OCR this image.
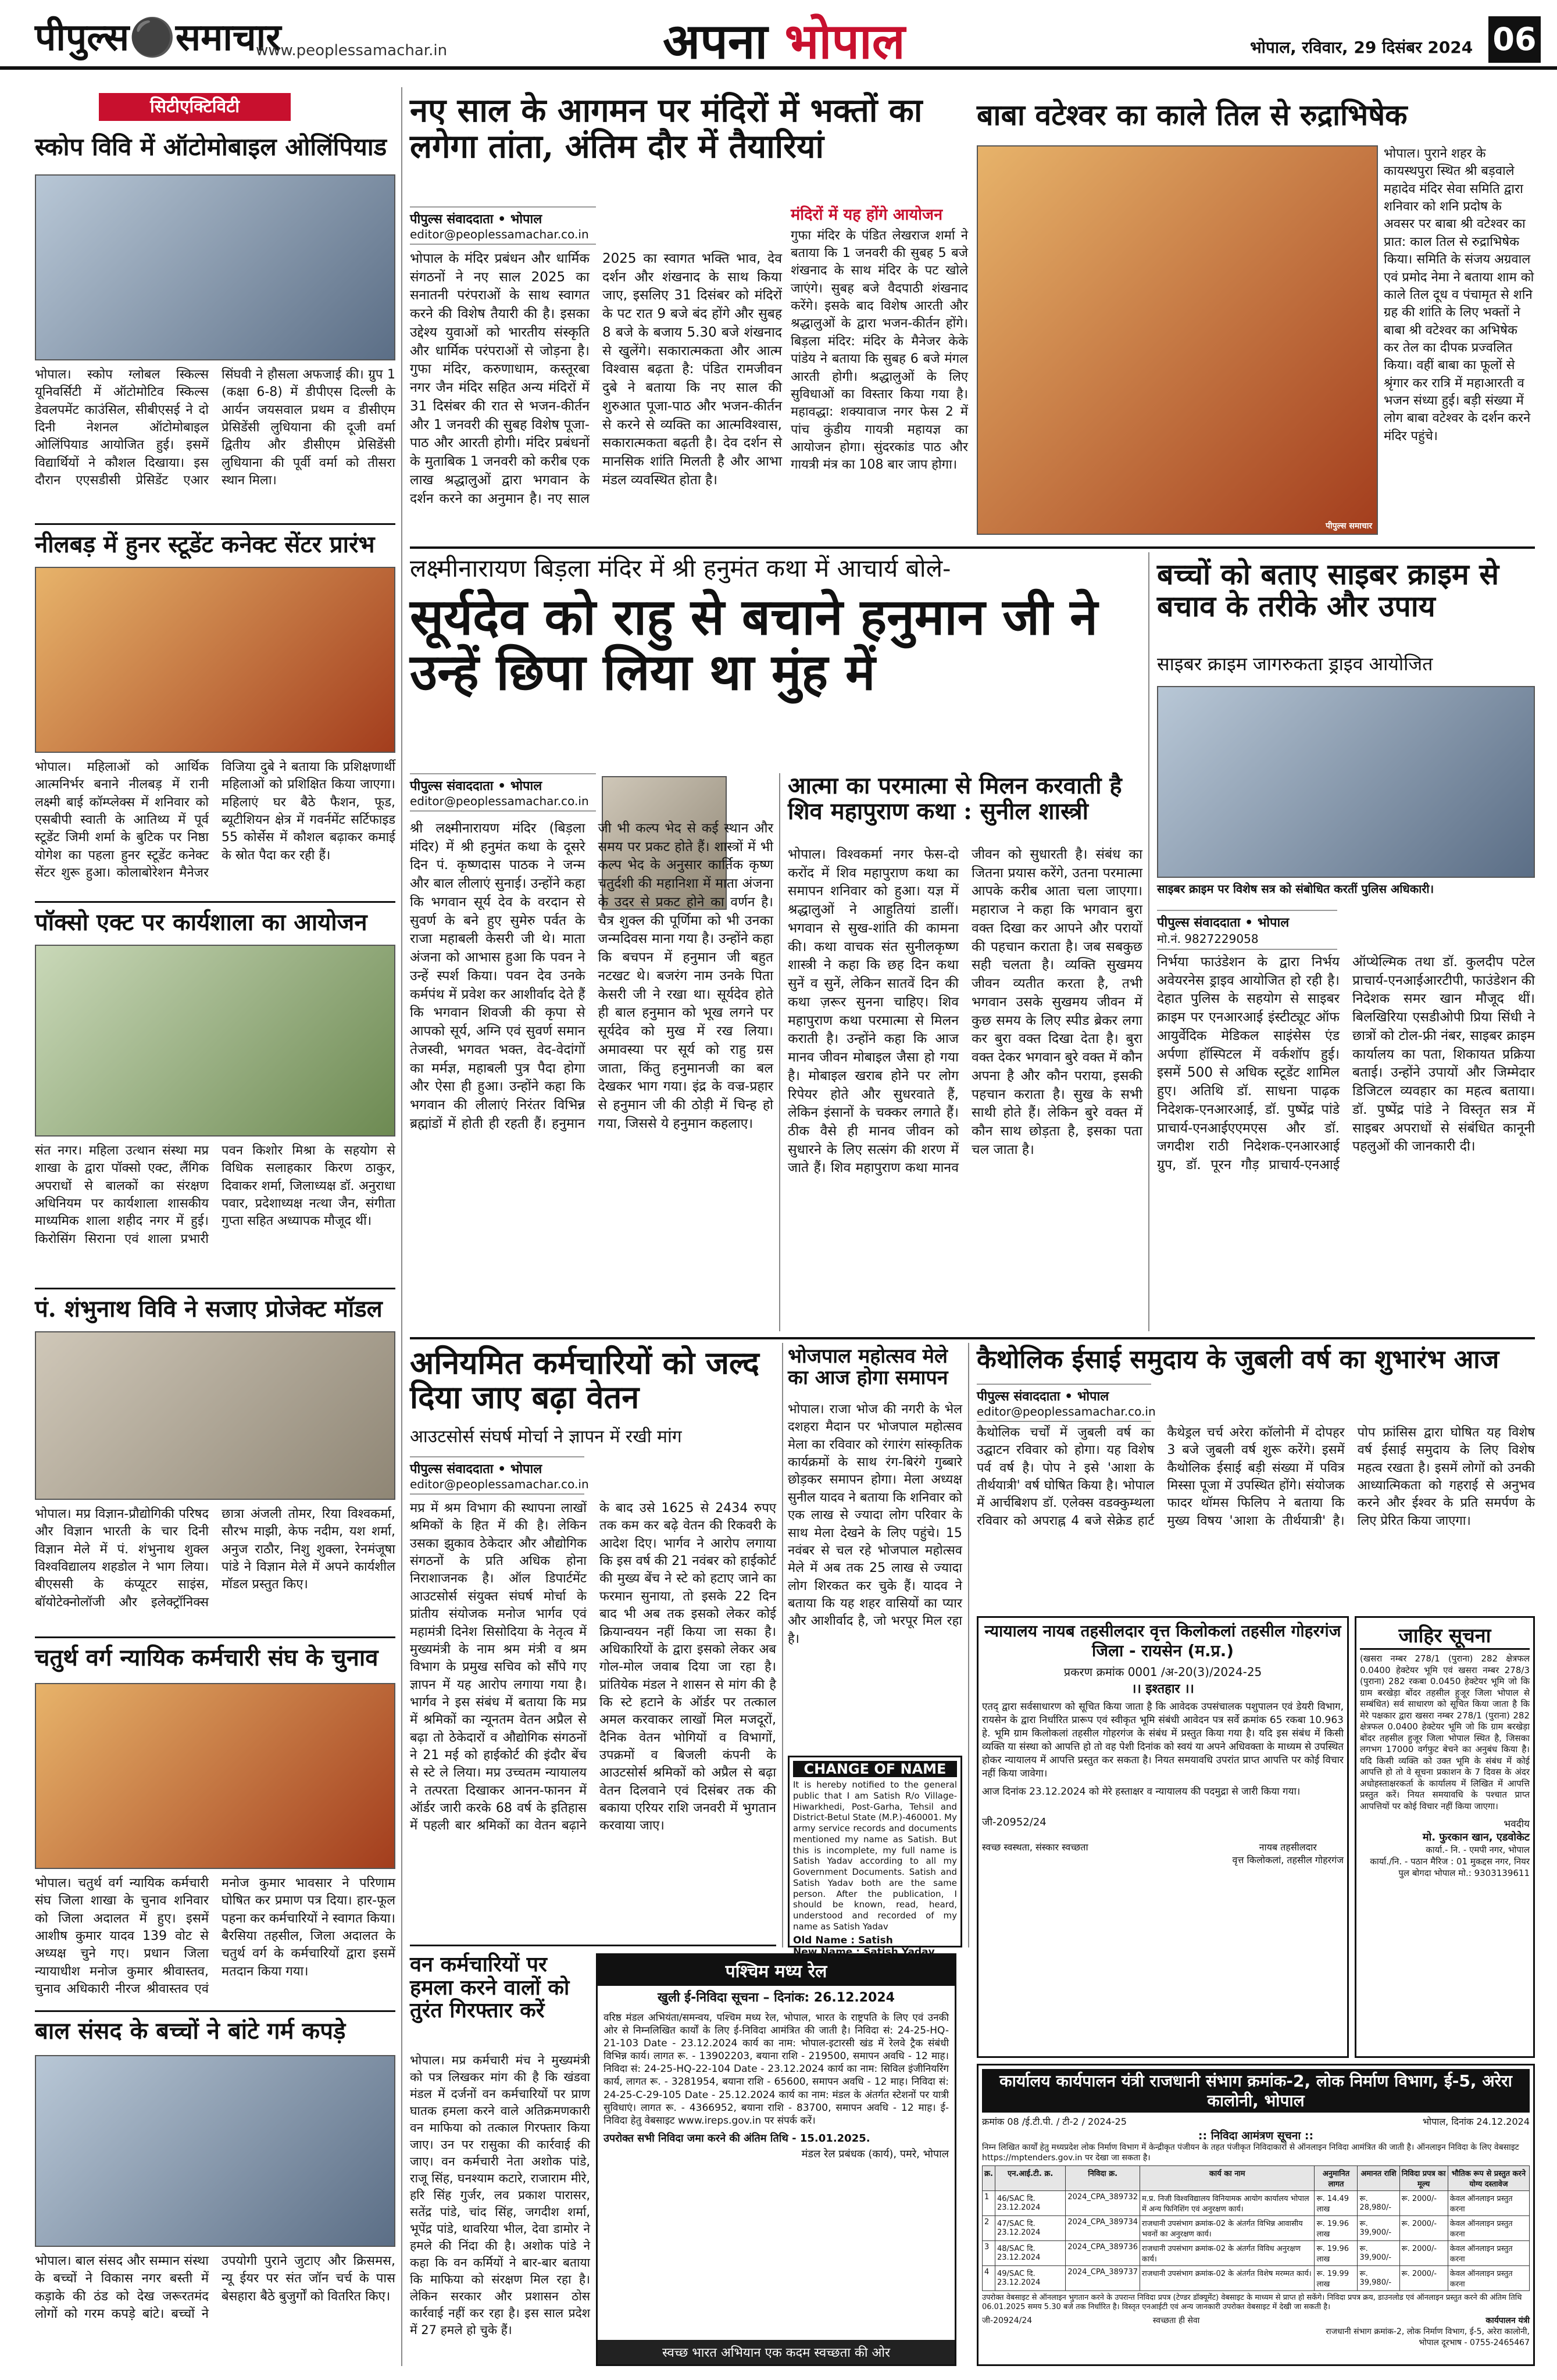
पीपुल्स⚫समाचार
www.peoplessamachar.in	अपना भोपाल	भोपाल, रविवार, 29 दिसंबर 2024 06
सिटीएक्टिविटी
स्कोप विवि में ऑटोमोबाइल ओलिंपियाड
भोपाल। स्कोप ग्लोबल स्किल्स यूनिवर्सिटी में ऑटोमोटिव स्किल्स डेवलपमेंट काउंसिल, सीबीएसई ने दो दिनी नेशनल ऑटोमोबाइल ओलिंपियाड आयोजित हुई। इसमें विद्यार्थियों ने कौशल दिखाया। इस दौरान एएसडीसी प्रेसिडेंट एआर सिंघवी ने हौसला अफजाई की। ग्रुप 1 (कक्षा 6-8) में डीपीएस दिल्ली के आर्यन जयसवाल प्रथम व डीसीएम प्रेसिडेंसी लुधियाना की दूजी वर्मा द्वितीय और डीसीएम प्रेसिडेंसी लुधियाना की पूर्वी वर्मा को तीसरा स्थान मिला।
नीलबड़ में हुनर स्टूडेंट कनेक्ट सेंटर प्रारंभ
भोपाल। महिलाओं को आर्थिक आत्मनिर्भर बनाने नीलबड़ में रानी लक्ष्मी बाई कॉम्प्लेक्स में शनिवार को एसबीपी स्वाती के आतिथ्य में पूर्व स्टूडेंट जिमी शर्मा के बुटिक पर निष्ठा योगेश का पहला हुनर स्टूडेंट कनेक्ट सेंटर शुरू हुआ। कोलाबोरेशन मैनेजर विजिया दुबे ने बताया कि प्रशिक्षणार्थी महिलाओं को प्रशिक्षित किया जाएगा। महिलाएं घर बैठे फैशन, फूड, ब्यूटीशियन क्षेत्र में गवर्नमेंट सर्टिफाइड 55 कोर्सेस में कौशल बढ़ाकर कमाई के स्रोत पैदा कर रही हैं।
पॉक्सो एक्ट पर कार्यशाला का आयोजन
संत नगर। महिला उत्थान संस्था मप्र शाखा के द्वारा पॉक्सो एक्ट, लैंगिक अपराधों से बालकों का संरक्षण अधिनियम पर कार्यशाला शासकीय माध्यमिक शाला शहीद नगर में हुई। किरोसिंग सिराना एवं शाला प्रभारी पवन किशोर मिश्रा के सहयोग से विधिक सलाहकार किरण ठाकुर, दिवाकर शर्मा, जिलाध्यक्ष डॉ. अनुराधा पवार, प्रदेशाध्यक्ष नत्था जैन, संगीता गुप्ता सहित अध्यापक मौजूद थीं।
पं. शंभुनाथ विवि ने सजाए प्रोजेक्ट मॉडल
भोपाल। मप्र विज्ञान-प्रौद्योगिकी परिषद और विज्ञान भारती के चार दिनी विज्ञान मेले में पं. शंभुनाथ शुक्ल विश्वविद्यालय शहडोल ने भाग लिया। बीएससी के कंप्यूटर साइंस, बॉयोटेक्नोलॉजी और इलेक्ट्रॉनिक्स छात्रा अंजली तोमर, रिया विश्वकर्मा, सौरभ माझी, केफ नदीम, यश शर्मा, अनुज राठौर, निशु शुक्ला, रेनमंजूषा पांडे ने विज्ञान मेले में अपने कार्यशील मॉडल प्रस्तुत किए।
चतुर्थ वर्ग न्यायिक कर्मचारी संघ के चुनाव
भोपाल। चतुर्थ वर्ग न्यायिक कर्मचारी संघ जिला शाखा के चुनाव शनिवार को जिला अदालत में हुए। इसमें आशीष कुमार यादव 139 वोट से अध्यक्ष चुने गए। प्रधान जिला न्यायाधीश मनोज कुमार श्रीवास्तव, चुनाव अधिकारी नीरज श्रीवास्तव एवं मनोज कुमार भावसार ने परिणाम घोषित कर प्रमाण पत्र दिया। हार-फूल पहना कर कर्मचारियों ने स्वागत किया। बैरसिया तहसील, जिला अदालत के चतुर्थ वर्ग के कर्मचारियों द्वारा इसमें मतदान किया गया।
बाल संसद के बच्चों ने बांटे गर्म कपड़े
भोपाल। बाल संसद और सम्मान संस्था के बच्चों ने विकास नगर बस्ती में कड़ाके की ठंड को देख जरूरतमंद लोगों को गरम कपड़े बांटे। बच्चों ने उपयोगी पुराने जुटाए और क्रिसमस, न्यू ईयर पर संत जॉन चर्च के पास बेसहारा बैठे बुजुर्गों को वितरित किए।
नए साल के आगमन पर मंदिरों में भक्तों का लगेगा तांता, अंतिम दौर में तैयारियां
पीपुल्स संवाददाता • भोपाल
editor@peoplessamachar.co.in
भोपाल के मंदिर प्रबंधन और धार्मिक संगठनों ने नए साल 2025 का सनातनी परंपराओं के साथ स्वागत करने की विशेष तैयारी की है। इसका उद्देश्य युवाओं को भारतीय संस्कृति और धार्मिक परंपराओं से जोड़ना है। गुफा मंदिर, करुणाधाम, कस्तूरबा नगर जैन मंदिर सहित अन्य मंदिरों में 31 दिसंबर की रात से भजन-कीर्तन और 1 जनवरी की सुबह विशेष पूजा-पाठ और आरती होगी। मंदिर प्रबंधनों के मुताबिक 1 जनवरी को करीब एक लाख श्रद्धालुओं द्वारा भगवान के दर्शन करने का अनुमान है। नए साल 2025 का स्वागत भक्ति भाव, देव दर्शन और शंखनाद के साथ किया जाए, इसलिए 31 दिसंबर को मंदिरों के पट रात 9 बजे बंद होंगे और सुबह 8 बजे के बजाय 5.30 बजे शंखनाद से खुलेंगे। सकारात्मकता और आत्म विश्वास बढ़ता है: पंडित रामजीवन दुबे ने बताया कि नए साल की शुरुआत पूजा-पाठ और भजन-कीर्तन से करने से व्यक्ति का आत्मविश्वास, सकारात्मकता बढ़ती है। देव दर्शन से मानसिक शांति मिलती है और आभा मंडल व्यवस्थित होता है।
मंदिरों में यह होंगे आयोजन
गुफा मंदिर के पंडित लेखराज शर्मा ने बताया कि 1 जनवरी की सुबह 5 बजे शंखनाद के साथ मंदिर के पट खोले जाएंगे। सुबह बजे वैदपाठी शंखनाद करेंगे। इसके बाद विशेष आरती और श्रद्धालुओं के द्वारा भजन-कीर्तन होंगे। बिड़ला मंदिर: मंदिर के मैनेजर केके पांडेय ने बताया कि सुबह 6 बजे मंगल आरती होगी। श्रद्धालुओं के लिए सुविधाओं का विस्तार किया गया है। महावद्धा: शक्यावाज नगर फेस 2 में पांच कुंडीय गायत्री महायज्ञ का आयोजन होगा। सुंदरकांड पाठ और गायत्री मंत्र का 108 बार जाप होगा।
बाबा वटेश्वर का काले तिल से रुद्राभिषेक
पीपुल्स समाचार
भोपाल। पुराने शहर के कायस्थपुरा स्थित श्री बड़वाले महादेव मंदिर सेवा समिति द्वारा शनिवार को शनि प्रदोष के अवसर पर बाबा श्री वटेश्वर का प्रात: काल तिल से रुद्राभिषेक किया। समिति के संजय अग्रवाल एवं प्रमोद नेमा ने बताया शाम को काले तिल दूध व पंचामृत से शनि ग्रह की शांति के लिए भक्तों ने बाबा श्री वटेश्वर का अभिषेक कर तेल का दीपक प्रज्वलित किया। वहीं बाबा का फूलों से श्रृंगार कर रात्रि में महाआरती व भजन संध्या हुई। बड़ी संख्या में लोग बाबा वटेश्वर के दर्शन करने मंदिर पहुंचे।
लक्ष्मीनारायण बिड़ला मंदिर में श्री हनुमंत कथा में आचार्य बोले-
सूर्यदेव को राहु से बचाने हनुमान जी ने उन्हें छिपा लिया था मुंह में
पीपुल्स संवाददाता • भोपाल
editor@peoplessamachar.co.in
श्री लक्ष्मीनारायण मंदिर (बिड़ला मंदिर) में श्री हनुमंत कथा के दूसरे दिन पं. कृष्णदास पाठक ने जन्म और बाल लीलाएं सुनाई। उन्होंने कहा कि भगवान सूर्य देव के वरदान से सुवर्ण के बने हुए सुमेरु पर्वत के राजा महाबली केसरी जी थे। माता अंजना को आभास हुआ कि पवन ने उन्हें स्पर्श किया। पवन देव उनके कर्मपंथ में प्रवेश कर आशीर्वाद देते हैं कि भगवान शिवजी की कृपा से आपको सूर्य, अग्नि एवं सुवर्ण समान तेजस्वी, भगवत भक्त, वेद-वेदांगों का मर्मज्ञ, महाबली पुत्र पैदा होगा और ऐसा ही हुआ। उन्होंने कहा कि भगवान की लीलाएं निरंतर विभिन्न ब्रह्मांडों में होती ही रहती हैं। हनुमान जी भी कल्प भेद से कई स्थान और समय पर प्रकट होते हैं। शास्त्रों में भी कल्प भेद के अनुसार कार्तिक कृष्ण चतुर्दशी की महानिशा में माता अंजना के उदर से प्रकट होने का वर्णन है। चैत्र शुक्ल की पूर्णिमा को भी उनका जन्मदिवस माना गया है। उन्होंने कहा कि बचपन में हनुमान जी बहुत नटखट थे। बजरंग नाम उनके पिता केसरी जी ने रखा था। सूर्यदेव होते ही बाल हनुमान को भूख लगने पर सूर्यदेव को मुख में रख लिया। अमावस्या पर सूर्य को राहु ग्रस जाता, किंतु हनुमानजी का बल देखकर भाग गया। इंद्र के वज्र-प्रहार से हनुमान जी की ठोड़ी में चिन्ह हो गया, जिससे ये हनुमान कहलाए।
आत्मा का परमात्मा से मिलन करवाती है शिव महापुराण कथा : सुनील शास्त्री
भोपाल। विश्वकर्मा नगर फेस-दो करोंद में शिव महापुराण कथा का समापन शनिवार को हुआ। यज्ञ में श्रद्धालुओं ने आहुतियां डालीं। भगवान से सुख-शांति की कामना की। कथा वाचक संत सुनीलकृष्ण शास्त्री ने कहा कि छह दिन कथा सुनें व सुनें, लेकिन सातवें दिन की कथा ज़रूर सुनना चाहिए। शिव महापुराण कथा परमात्मा से मिलन कराती है। उन्होंने कहा कि आज मानव जीवन मोबाइल जैसा हो गया है। मोबाइल खराब होने पर लोग रिपेयर होते और सुधरवाते हैं, लेकिन इंसानों के चक्कर लगाते हैं। ठीक वैसे ही मानव जीवन को सुधारने के लिए सत्संग की शरण में जाते हैं। शिव महापुराण कथा मानव जीवन को सुधारती है। संबंध का जितना प्रयास करेंगे, उतना परमात्मा आपके करीब आता चला जाएगा। महाराज ने कहा कि भगवान बुरा वक्त दिखा कर आपने और परायों की पहचान कराता है। जब सबकुछ सही चलता है। व्यक्ति सुखमय जीवन व्यतीत करता है, तभी भगवान उसके सुखमय जीवन में कुछ समय के लिए स्पीड ब्रेकर लगा कर बुरा वक्त दिखा देता है। बुरा वक्त देकर भगवान बुरे वक्त में कौन अपना है और कौन पराया, इसकी पहचान कराता है। सुख के सभी साथी होते हैं। लेकिन बुरे वक्त में कौन साथ छोड़ता है, इसका पता चल जाता है।
बच्चों को बताए साइबर क्राइम से बचाव के तरीके और उपाय
साइबर क्राइम जागरुकता ड्राइव आयोजित
साइबर क्राइम पर विशेष सत्र को संबोधित करतीं पुलिस अधिकारी।
पीपुल्स संवाददाता • भोपाल
मो.नं. 9827229058
निर्भया फाउंडेशन के द्वारा निर्भय अवेयरनेस ड्राइव आयोजित हो रही है। देहात पुलिस के सहयोग से साइबर क्राइम पर एनआरआई इंस्टीट्यूट ऑफ आयुर्वेदिक मेडिकल साइंसेस एंड अर्पणा हॉस्पिटल में वर्कशॉप हुई। इसमें 500 से अधिक स्टूडेंट शामिल हुए। अतिथि डॉ. साधना पाढ़क निदेशक-एनआरआई, डॉ. पुष्पेंद्र पांडे प्राचार्य-एनआईएएमएस और डॉ. जगदीश राठी निदेशक-एनआरआई ग्रुप, डॉ. पूरन गौड़ प्राचार्य-एनआई ऑप्थेल्मिक तथा डॉ. कुलदीप पटेल प्राचार्य-एनआईआरटीपी, फाउंडेशन की निदेशक समर खान मौजूद थीं। बिलखिरिया एसडीओपी प्रिया सिंधी ने छात्रों को टोल-फ्री नंबर, साइबर क्राइम कार्यालय का पता, शिकायत प्रक्रिया बताई। उन्होंने उपायों और जिम्मेदार डिजिटल व्यवहार का महत्व बताया। डॉ. पुष्पेंद्र पांडे ने विस्तृत सत्र में साइबर अपराधों से संबंधित कानूनी पहलुओं की जानकारी दी।
अनियमित कर्मचारियों को जल्द दिया जाए बढ़ा वेतन
आउटसोर्स संघर्ष मोर्चा ने ज्ञापन में रखी मांग
पीपुल्स संवाददाता • भोपाल
editor@peoplessamachar.co.in
मप्र में श्रम विभाग की स्थापना लाखों श्रमिकों के हित में की है। लेकिन उसका झुकाव ठेकेदार और औद्योगिक संगठनों के प्रति अधिक होना निराशाजनक है। ऑल डिपार्टमेंट आउटसोर्स संयुक्त संघर्ष मोर्चा के प्रांतीय संयोजक मनोज भार्गव एवं महामंत्री दिनेश सिसोदिया के नेतृत्व में मुख्यमंत्री के नाम श्रम मंत्री व श्रम विभाग के प्रमुख सचिव को सौंपे गए ज्ञापन में यह आरोप लगाया गया है। भार्गव ने इस संबंध में बताया कि मप्र में श्रमिकों का न्यूनतम वेतन अप्रैल से बढ़ा तो ठेकेदारों व औद्योगिक संगठनों ने 21 मई को हाईकोर्ट की इंदौर बेंच से स्टे ले लिया। मप्र उच्चतम न्यायालय ने तत्परता दिखाकर आनन-फानन में ऑर्डर जारी करके 68 वर्ष के इतिहास में पहली बार श्रमिकों का वेतन बढ़ाने के बाद उसे 1625 से 2434 रुपए तक कम कर बढ़े वेतन की रिकवरी के आदेश दिए। भार्गव ने आरोप लगाया कि इस वर्ष की 21 नवंबर को हाईकोर्ट की मुख्य बेंच ने स्टे को हटाए जाने का फरमान सुनाया, तो इसके 22 दिन बाद भी अब तक इसको लेकर कोई क्रियान्वयन नहीं किया जा सका है। अधिकारियों के द्वारा इसको लेकर अब गोल-मोल जवाब दिया जा रहा है। प्रांतियेक मंडल ने शासन से मांग की है कि स्टे हटाने के ऑर्डर पर तत्काल अमल करवाकर लाखों मिल मजदूरों, दैनिक वेतन भोगियों व विभागों, उपक्रमों व बिजली कंपनी के आउटसोर्स श्रमिकों को अप्रैल से बढ़ा वेतन दिलवाने एवं दिसंबर तक की बकाया एरियर राशि जनवरी में भुगतान करवाया जाए।
वन कर्मचारियों पर हमला करने वालों को तुरंत गिरफ्तार करें
भोपाल। मप्र कर्मचारी मंच ने मुख्यमंत्री को पत्र लिखकर मांग की है कि खंडवा मंडल में दर्जनों वन कर्मचारियों पर प्राण घातक हमला करने वाले अतिक्रमणकारी वन माफिया को तत्काल गिरफ्तार किया जाए। उन पर रासुका की कार्रवाई की जाए। वन कर्मचारी नेता अशोक पांडे, राजू सिंह, घनश्याम कटारे, राजाराम मीरे, हरि सिंह गुर्जर, लव प्रकाश पारासर, सतेंद्र पांडे, चांद सिंह, जगदीश शर्मा, भूपेंद्र पांडे, थावरिया भील, देवा डामोर ने हमले की निंदा की है। अशोक पांडे ने कहा कि वन कर्मियों ने बार-बार बताया कि माफिया को संरक्षण मिल रहा है। लेकिन सरकार और प्रशासन ठोस कार्रवाई नहीं कर रहा है। इस साल प्रदेश में 27 हमले हो चुके हैं।
पश्चिम मध्य रेल
खुली ई-निविदा सूचना – दिनांक: 26.12.2024
वरिष्ठ मंडल अभियंता/समन्वय, पश्चिम मध्य रेल, भोपाल, भारत के राष्ट्रपति के लिए एवं उनकी ओर से निम्नलिखित कार्यों के लिए ई-निविदा आमंत्रित की जाती है। निविदा सं: 24-25-HQ-21-103 Date - 23.12.2024 कार्य का नाम: भोपाल-इटारसी खंड में रेलवे ट्रैक संबंधी विभिन्न कार्य। लागत रू. - 13902203, बयाना राशि - 219500, समापन अवधि - 12 माह। निविदा सं: 24-25-HQ-22-104 Date - 23.12.2024 कार्य का नाम: सिविल इंजीनियरिंग कार्य, लागत रू. - 3281954, बयाना राशि - 65600, समापन अवधि - 12 माह। निविदा सं: 24-25-C-29-105 Date - 25.12.2024 कार्य का नाम: मंडल के अंतर्गत स्टेशनों पर यात्री सुविधाएं। लागत रू. - 4366952, बयाना राशि - 83700, समापन अवधि - 12 माह। ई-निविदा हेतु वेबसाइट www.ireps.gov.in पर संपर्क करें।
उपरोक्त सभी निविदा जमा करने की अंतिम तिथि - 15.01.2025.
मंडल रेल प्रबंधक (कार्य), पमरे, भोपाल
स्वच्छ भारत अभियान एक कदम स्वच्छता की ओर
भोजपाल महोत्सव मेले का आज होगा समापन
भोपाल। राजा भोज की नगरी के भेल दशहरा मैदान पर भोजपाल महोत्सव मेला का रविवार को रंगारंग सांस्कृतिक कार्यक्रमों के साथ रंग-बिरंगे गुब्बारे छोड़कर समापन होगा। मेला अध्यक्ष सुनील यादव ने बताया कि शनिवार को एक लाख से ज्यादा लोग परिवार के साथ मेला देखने के लिए पहुंचे। 15 नवंबर से चल रहे भोजपाल महोत्सव मेले में अब तक 25 लाख से ज्यादा लोग शिरकत कर चुके हैं। यादव ने बताया कि यह शहर वासियों का प्यार और आशीर्वाद है, जो भरपूर मिल रहा है।
CHANGE OF NAME
It is hereby notified to the general public that I am Satish R/o Village-Hiwarkhedi, Post-Garha, Tehsil and District-Betul State (M.P.)-460001. My army service records and documents mentioned my name as Satish. But this is incomplete, my full name is Satish Yadav according to all my Government Documents. Satish and Satish Yadav both are the same person. After the publication, I should be known, read, heard, understood and recorded of my name as Satish Yadav
Old Name : Satish
New Name : Satish Yadav
कैथोलिक ईसाई समुदाय के जुबली वर्ष का शुभारंभ आज
पीपुल्स संवाददाता • भोपाल
editor@peoplessamachar.co.in
कैथोलिक चर्चों में जुबली वर्ष का उद्घाटन रविवार को होगा। यह विशेष पर्व वर्ष है। पोप ने इसे 'आशा के तीर्थयात्री' वर्ष घोषित किया है। भोपाल में आर्चबिशप डॉ. एलेक्स वडक्कुम्थला रविवार को अपराह्न 4 बजे सेक्रेड हार्ट कैथेड्रल चर्च अरेरा कॉलोनी में दोपहर 3 बजे जुबली वर्ष शुरू करेंगे। इसमें कैथोलिक ईसाई बड़ी संख्या में पवित्र मिस्सा पूजा में उपस्थित होंगे। संयोजक फादर थॉमस फिलिप ने बताया कि मुख्य विषय 'आशा के तीर्थयात्री' है। पोप फ्रांसिस द्वारा घोषित यह विशेष वर्ष ईसाई समुदाय के लिए विशेष महत्व रखता है। इसमें लोगों को उनकी आध्यात्मिकता को गहराई से अनुभव करने और ईश्वर के प्रति समर्पण के लिए प्रेरित किया जाएगा।
जाहिर सूचना
(खसरा नम्बर 278/1 (पुराना) 282 क्षेत्रफल 0.0400 हेक्टेयर भूमि एवं खसरा नम्बर 278/3 (पुराना) 282 रकबा 0.0450 हेक्टेयर भूमि जो कि ग्राम बरखेड़ा बोंदर तहसील हुजूर जिला भोपाल से सम्बंधित) सर्व साधारण को सूचित किया जाता है कि मेरे पक्षकार द्वारा खसरा नम्बर 278/1 (पुराना) 282 क्षेत्रफल 0.0400 हेक्टेयर भूमि जो कि ग्राम बरखेड़ा बोंदर तहसील हुजूर जिला भोपाल स्थित है, जिसका लगभग 17000 वर्गफुट बेचने का अनुबंध किया है। यदि किसी व्यक्ति को उक्त भूमि के संबंध में कोई आपत्ति हो तो वे सूचना प्रकाशन के 7 दिवस के अंदर अधोहस्ताक्षरकर्ता के कार्यालय में लिखित में आपत्ति प्रस्तुत करें। नियत समयावधि के पश्चात प्राप्त आपत्तियों पर कोई विचार नहीं किया जाएगा।
भवदीय
मो. फुरकान खान, एडवोकेट
कार्या.- नि. - एमपी नगर, भोपाल
कार्या./नि. - पठान मैरिज : 01 मुकद्दस नगर, नियर पुल बोगदा भोपाल मो.: 9303139611
न्यायालय नायब तहसीलदार वृत्त किलोकलां तहसील गोहरगंज जिला - रायसेन (म.प्र.)
प्रकरण क्रमांक 0001 /अ-20(3)/2024-25
।। इश्तहार ।।
एतद् द्वारा सर्वसाधारण को सूचित किया जाता है कि आवेदक उपसंचालक पशुपालन एवं डेयरी विभाग, रायसेन के द्वारा निर्धारित प्रारूप एवं स्वीकृत भूमि संबंधी आवेदन पत्र सर्वे क्रमांक 65 रकबा 10.963 हे. भूमि ग्राम किलोकलां तहसील गोहरगंज के संबंध में प्रस्तुत किया गया है। यदि इस संबंध में किसी व्यक्ति या संस्था को आपत्ति हो तो वह पेशी दिनांक को स्वयं या अपने अधिवक्ता के माध्यम से उपस्थित होकर न्यायालय में आपत्ति प्रस्तुत कर सकता है। नियत समयावधि उपरांत प्राप्त आपत्ति पर कोई विचार नहीं किया जावेगा।
आज दिनांक 23.12.2024 को मेरे हस्ताक्षर व न्यायालय की पदमुद्रा से जारी किया गया।
जी-20952/24
स्वच्छ स्वस्थता, संस्कार स्वच्छता	नायब तहसीलदार
वृत्त किलोकलां, तहसील गोहरगंज
कार्यालय कार्यपालन यंत्री राजधानी संभाग क्रमांक-2, लोक निर्माण विभाग, ई-5, अरेरा कालोनी, भोपाल
क्रमांक 08 /ई.टी.पी. / टी-2 / 2024-25	भोपाल, दिनांक 24.12.2024
:: निविदा आमंत्रण सूचना ::
निम्न लिखित कार्यों हेतु मध्यप्रदेश लोक निर्माण विभाग में केन्द्रीकृत पंजीयन के तहत पंजीकृत निविदाकारों से ऑनलाइन निविदा आमंत्रित की जाती है। ऑनलाइन निविदा के लिए वेबसाइट https://mptenders.gov.in पर देखा जा सकता है।
क्र.	एन.आई.टी. क्र.	निविदा क्र.	कार्य का नाम	अनुमानित लागत	अमानत राशि	निविदा प्रपत्र का मूल्य	भौतिक रूप से प्रस्तुत करने योग्य दस्तावेज
1	46/SAC दि. 23.12.2024	2024_CPA_389732	म.प्र. निजी विश्वविद्यालय विनियामक आयोग कार्यालय भोपाल में अन्य फिनिशिंग एवं अनुरक्षण कार्य।	रू. 14.49 लाख	रू. 28,980/-	रू. 2000/-	केवल ऑनलाइन प्रस्तुत करना
2	47/SAC दि. 23.12.2024	2024_CPA_389734	राजधानी उपसंभाग क्रमांक-02 के अंतर्गत विभिन्न आवासीय भवनों का अनुरक्षण कार्य।	रू. 19.96 लाख	रू. 39,900/-	रू. 2000/-	केवल ऑनलाइन प्रस्तुत करना
3	48/SAC दि. 23.12.2024	2024_CPA_389736	राजधानी उपसंभाग क्रमांक-02 के अंतर्गत विविध अनुरक्षण कार्य।	रू. 19.96 लाख	रू. 39,900/-	रू. 2000/-	केवल ऑनलाइन प्रस्तुत करना
4	49/SAC दि. 23.12.2024	2024_CPA_389737	राजधानी उपसंभाग क्रमांक-02 के अंतर्गत विशेष मरम्मत कार्य।	रू. 19.99 लाख	रू. 39,980/-	रू. 2000/-	केवल ऑनलाइन प्रस्तुत करना
उपरोक्त वेबसाइट से ऑनलाइन भुगतान करने के उपरान्त निविदा प्रपत्र (टेण्डर डॉक्यूमेंट) वेबसाइट के माध्यम से प्राप्त हो सकेंगे। निविदा प्रपत्र क्रय, डाउनलोड एवं ऑनलाइन प्रस्तुत करने की अंतिम तिथि 06.01.2025 समय 5.30 बजे तक निर्धारित है। विस्तृत एनआईटी एवं अन्य जानकारी उपरोक्त वेबसाइट में देखी जा सकती है।
जी-20924/24	स्वच्छता ही सेवा	कार्यपालन यंत्री
राजधानी संभाग क्रमांक-2, लोक निर्माण विभाग, ई-5, अरेरा कालोनी, भोपाल दूरभाष - 0755-2465467
